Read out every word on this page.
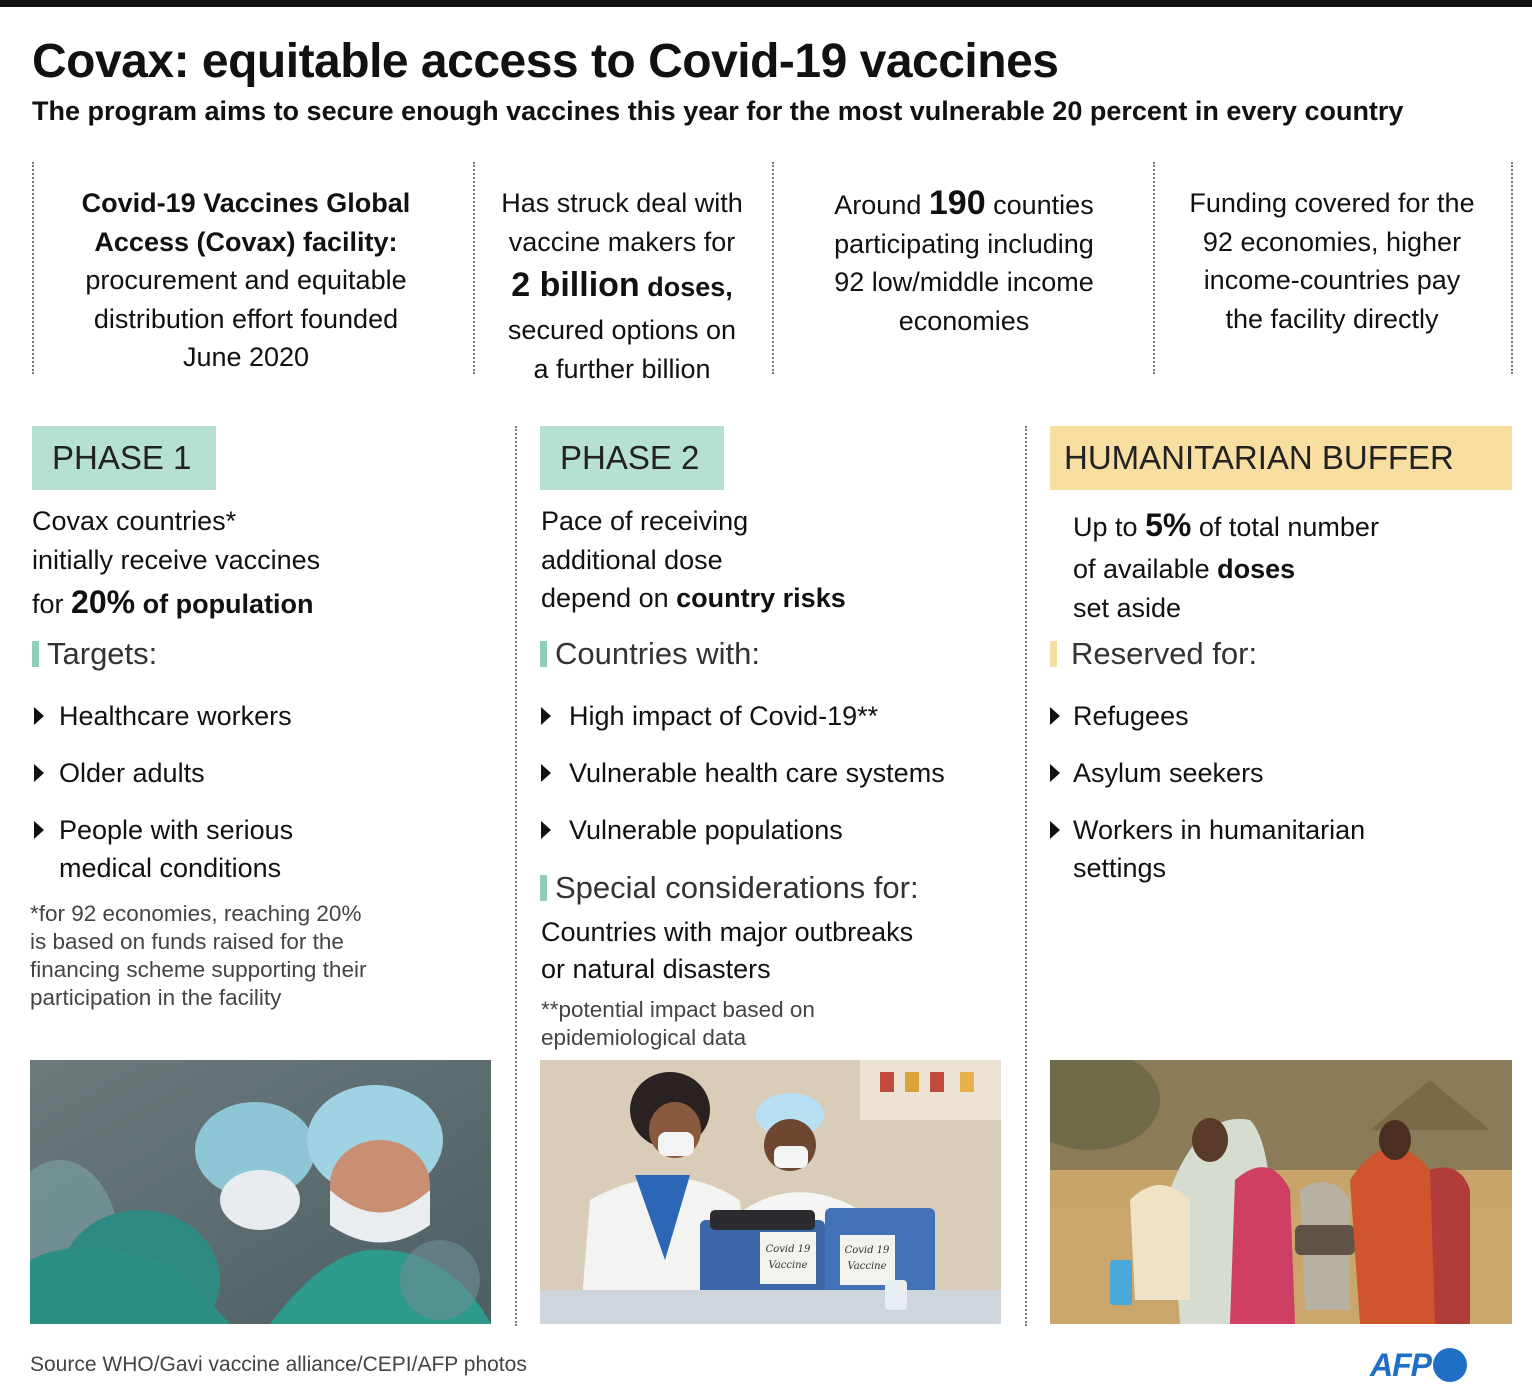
Covax: equitable access to Covid-19 vaccines
The program aims to secure enough vaccines this year for the most vulnerable 20 percent in every country
Covid-19 Vaccines Global
Access (Covax) facility:
procurement and equitable
distribution effort founded
June 2020
Has struck deal with
vaccine makers for
2 billion doses,
secured options on
a further billion
Around 190 counties
participating including
92 low/middle income
economies
Funding covered for the
92 economies, higher
income-countries pay
the facility directly
PHASE 1
Covax countries*
initially receive vaccines
for 20% of population
Targets:
Healthcare workers
Older adults
People with serious
medical conditions
*for 92 economies, reaching 20%
is based on funds raised for the
financing scheme supporting their
participation in the facility
PHASE 2
Pace of receiving
additional dose
depend on country risks
Countries with:
High impact of Covid-19**
Vulnerable health care systems
Vulnerable populations
Special considerations for:
Countries with major outbreaks
or natural disasters
**potential impact based on
epidemiological data
HUMANITARIAN BUFFER
Up to 5% of total number
of available doses
set aside
Reserved for:
Refugees
Asylum seekers
Workers in humanitarian
settings
Covid 19
Vaccine
Covid 19
Vaccine
Source WHO/Gavi vaccine alliance/CEPI/AFP photos	AFP
